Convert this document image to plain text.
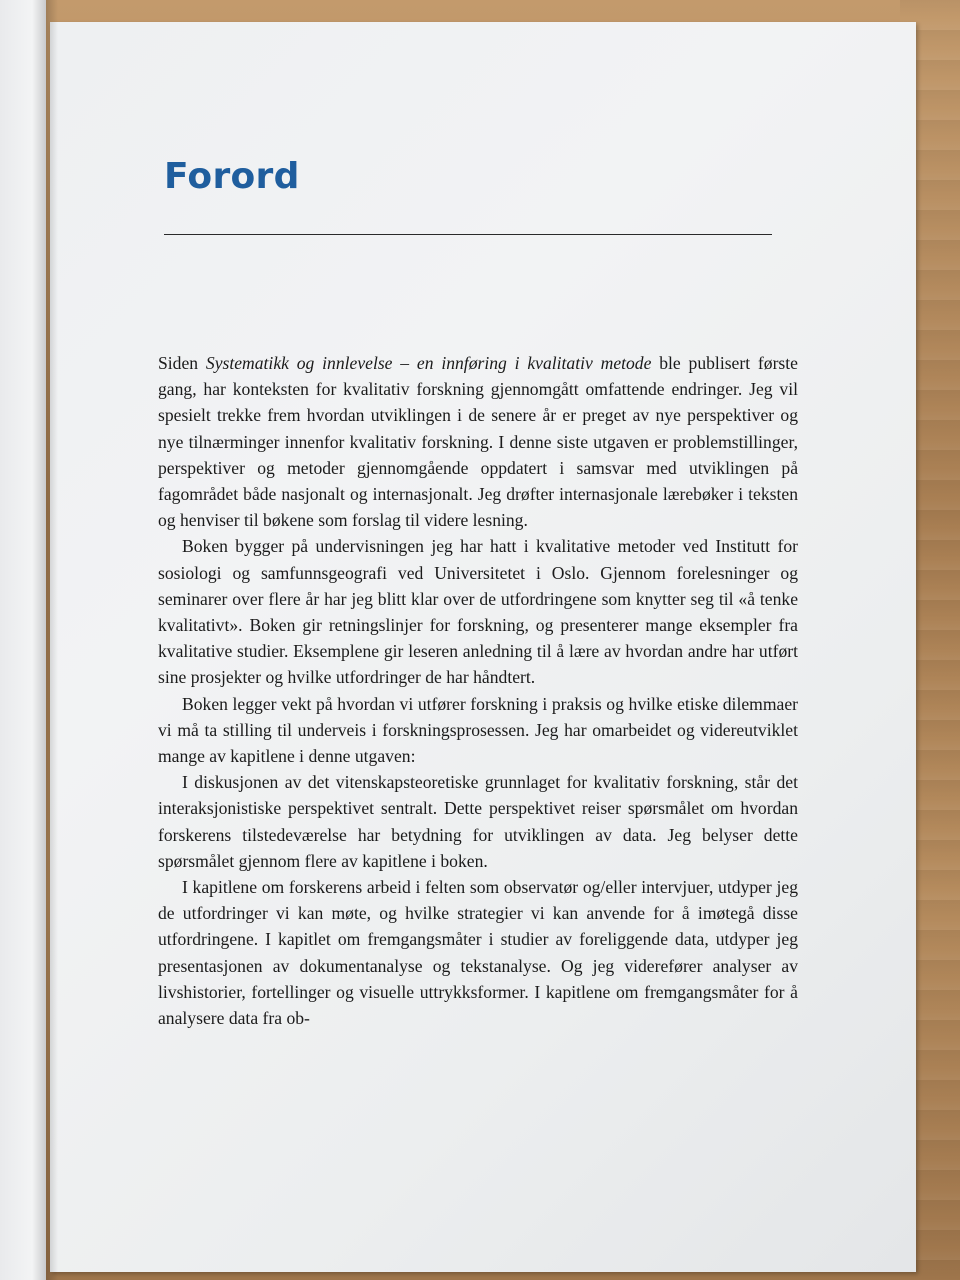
Forord

Siden Systematikk og innlevelse – en innføring i kvalitativ metode ble publisert første gang, har konteksten for kvalitativ forskning gjennomgått omfattende endringer. Jeg vil spesielt trekke frem hvordan utviklingen i de senere år er preget av nye perspektiver og nye tilnærminger innenfor kvalitativ forskning. I denne siste utgaven er problemstillinger, perspektiver og metoder gjennomgående oppdatert i samsvar med utviklingen på fagområdet både nasjonalt og internasjonalt. Jeg drøfter internasjonale lærebøker i teksten og henviser til bøkene som forslag til videre lesning.

Boken bygger på undervisningen jeg har hatt i kvalitative metoder ved Institutt for sosiologi og samfunnsgeografi ved Universitetet i Oslo. Gjennom forelesninger og seminarer over flere år har jeg blitt klar over de utfordringene som knytter seg til «å tenke kvalitativt». Boken gir retningslinjer for forskning, og presenterer mange eksempler fra kvalitative studier. Eksemplene gir leseren anledning til å lære av hvordan andre har utført sine prosjekter og hvilke utfordringer de har håndtert.

Boken legger vekt på hvordan vi utfører forskning i praksis og hvilke etiske dilemmaer vi må ta stilling til underveis i forskningsprosessen. Jeg har omarbeidet og videreutviklet mange av kapitlene i denne utgaven:

I diskusjonen av det vitenskapsteoretiske grunnlaget for kvalitativ forskning, står det interaksjonistiske perspektivet sentralt. Dette perspektivet reiser spørsmålet om hvordan forskerens tilstedeværelse har betydning for utviklingen av data. Jeg belyser dette spørsmålet gjennom flere av kapitlene i boken.

I kapitlene om forskerens arbeid i felten som observatør og/eller intervjuer, utdyper jeg de utfordringer vi kan møte, og hvilke strategier vi kan anvende for å imøtegå disse utfordringene. I kapitlet om fremgangsmåter i studier av foreliggende data, utdyper jeg presentasjonen av dokumentanalyse og tekstanalyse. Og jeg viderefører analyser av livshistorier, fortellinger og visuelle uttrykksformer. I kapitlene om fremgangsmåter for å analysere data fra ob-
